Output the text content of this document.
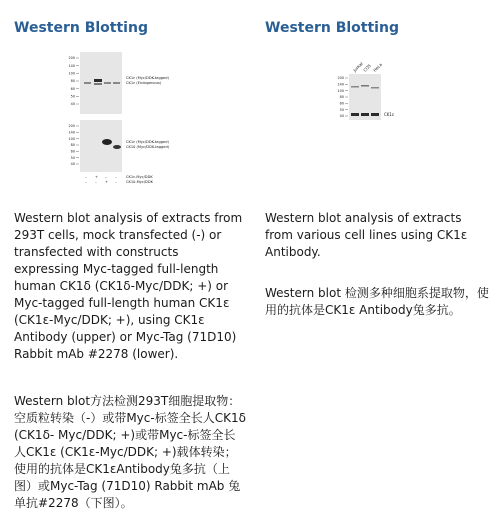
Western Blotting
200
140
100
80
60
50
40
CK1ε (Myc/DDK-tagged)
CK1ε (Endogenous)
200
140
100
80
60
50
40
CK1ε (Myc/DDK-tagged)
CK1δ (Myc/DDK-tagged)
– + – –	CK1ε-Myc/DDK
– – + –	CK1δ-Myc/DDK

Western blot analysis of extracts from 293T cells, mock transfected (-) or transfected with constructs expressing Myc-tagged full-length human CK1δ (CK1δ-Myc/DDK; +) or Myc-tagged full-length human CK1ε (CK1ε-Myc/DDK; +), using CK1ε Antibody (upper) or Myc-Tag (71D10) Rabbit mAb #2278 (lower).

Western blot方法检测293T细胞提取物：空质粒转染（-）或带Myc-标签全长人CK1δ (CK1δ- Myc/DDK; +)或带Myc-标签全长人CK1ε (CK1ε-Myc/DDK; +)载体转染；使用的抗体是CK1εAntibody兔多抗（上图）或Myc-Tag (71D10) Rabbit mAb 兔单抗#2278（下图）。

Western Blotting
Jurkat
COS HeLa
200
140
100
80
60
50
40	CK1ε

Western blot analysis of extracts from various cell lines using CK1ε Antibody.

Western blot 检测多种细胞系提取物，使用的抗体是CK1ε Antibody兔多抗。
